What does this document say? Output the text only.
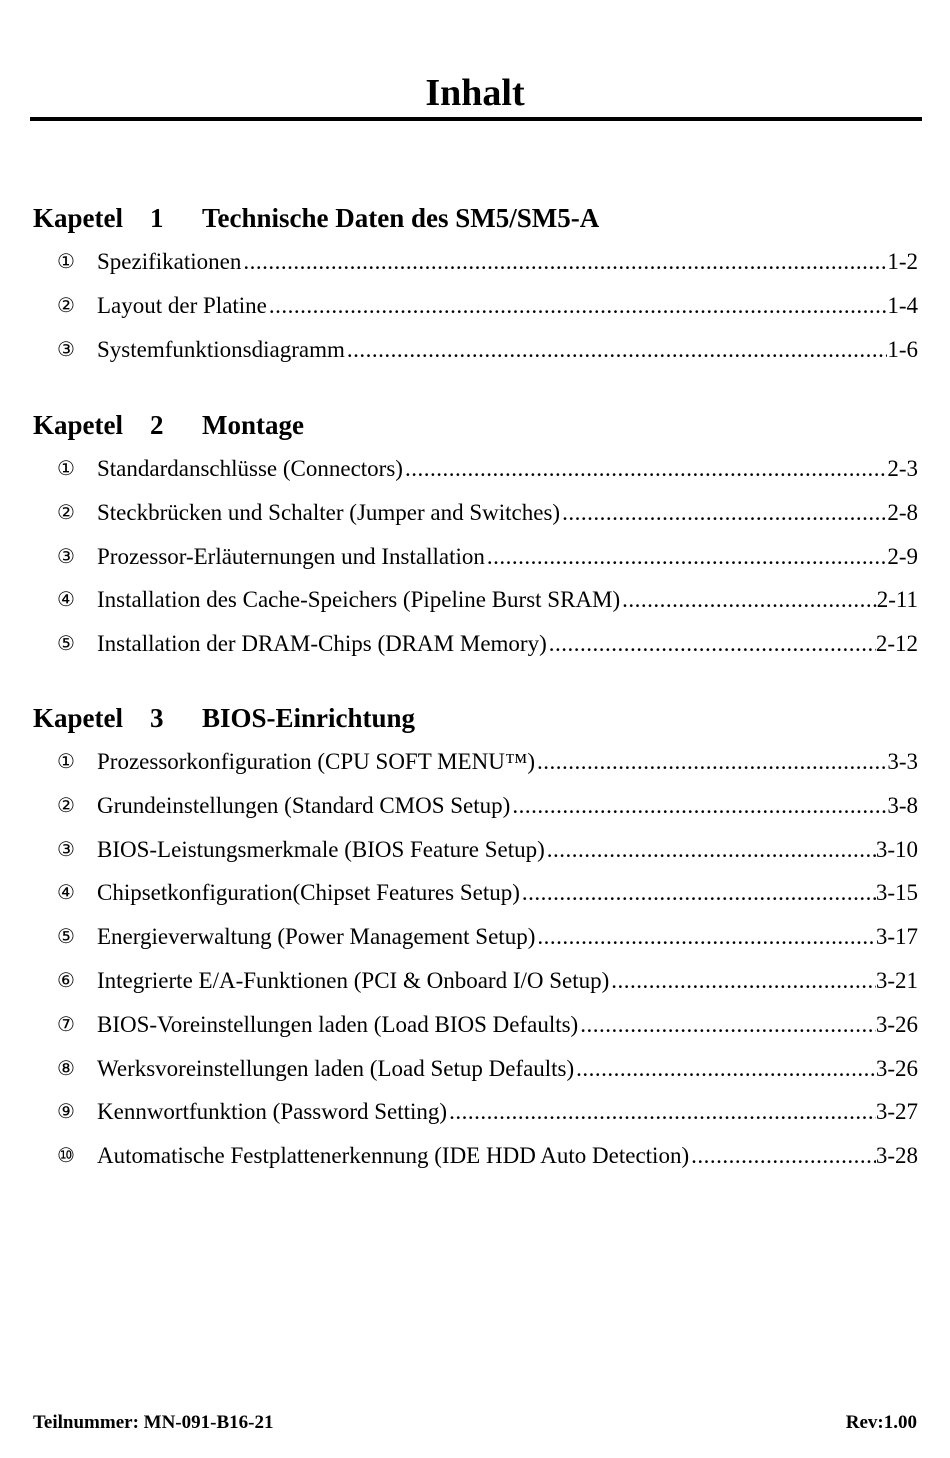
Inhalt
Kapetel 1 Technische Daten des SM5/SM5-A
① Spezifikationen .....	1-2
② Layout der Platine .....	1-4
③ Systemfunktionsdiagramm .....	1-6
Kapetel 2 Montage
① Standardanschlüsse (Connectors) .....	2-3
② Steckbrücken und Schalter (Jumper and Switches) .....	2-8
③ Prozessor-Erläuternungen und Installation .....	2-9
④ Installation des Cache-Speichers (Pipeline Burst SRAM) .....	2-11
⑤ Installation der DRAM-Chips (DRAM Memory) .....	2-12
Kapetel 3 BIOS-Einrichtung
① Prozessorkonfiguration (CPU SOFT MENU™) .....	3-3
② Grundeinstellungen (Standard CMOS Setup) .....	3-8
③ BIOS-Leistungsmerkmale (BIOS Feature Setup) .....	3-10
④ Chipsetkonfiguration(Chipset Features Setup) .....	3-15
⑤ Energieverwaltung (Power Management Setup) .....	3-17
⑥ Integrierte E/A-Funktionen (PCI & Onboard I/O Setup) .....	3-21
⑦ BIOS-Voreinstellungen laden (Load BIOS Defaults) .....	3-26
⑧ Werksvoreinstellungen laden (Load Setup Defaults) .....	3-26
⑨ Kennwortfunktion (Password Setting) .....	3-27
⑩ Automatische Festplattenerkennung (IDE HDD Auto Detection) .....	3-28
Teilnummer: MN-091-B16-21	Rev:1.00
